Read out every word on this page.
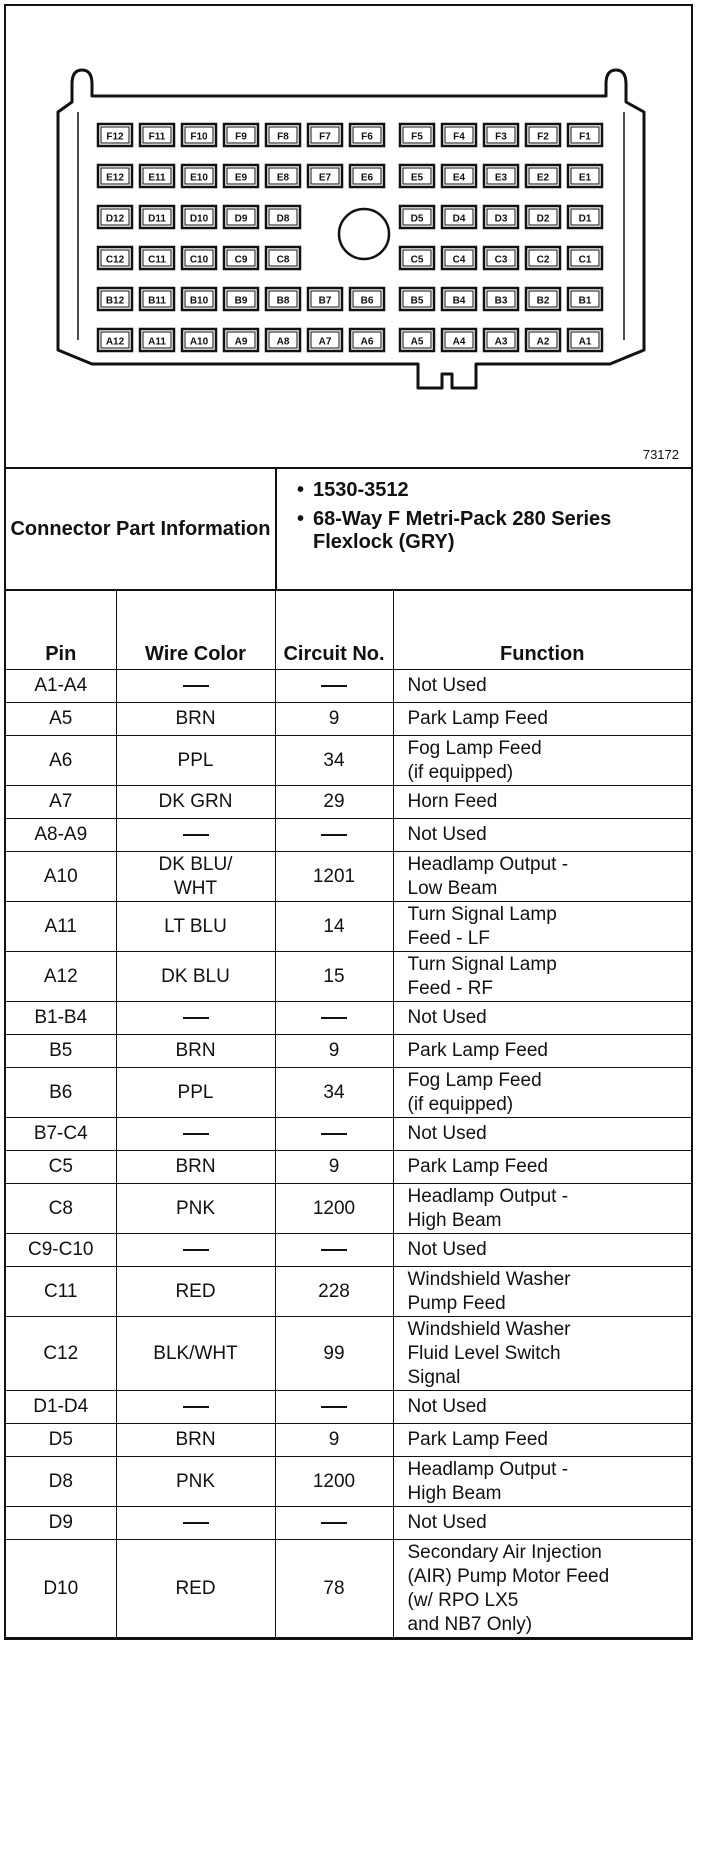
F12	F11	F10	F9	F8	F7	F6	F5	F4	F3	F2	F1
E12 E11 E10	E9	E8	E7	E6	E5	E4	E3	E2	E1
D12 D11 D10	D9	D8	D5	D4	D3	D2	D1
C12 C11 C10	C9	C8	C5	C4	C3	C2	C1
B12 B11 B10	B9	B8	B7	B6	B5	B4	B3	B2	B1
A12 A11 A10	A9	A8	A7	A6	A5	A4	A3	A2	A1
73172
Connector Part Information
• 1530-3512
• 68-Way F Metri-Pack 280 Series Flexlock (GRY)
Pin	Wire Color	Circuit No.	Function
A1-A4			Not Used
A5	BRN	9	Park Lamp Feed
A6	PPL	34	Fog Lamp Feed
(if equipped)
A7	DK GRN	29	Horn Feed
A8-A9			Not Used
A10	DK BLU/
WHT	1201	Headlamp Output -
Low Beam
A11	LT BLU	14	Turn Signal Lamp
Feed - LF
A12	DK BLU	15	Turn Signal Lamp
Feed - RF
B1-B4			Not Used
B5	BRN	9	Park Lamp Feed
B6	PPL	34	Fog Lamp Feed
(if equipped)
B7-C4			Not Used
C5	BRN	9	Park Lamp Feed
C8	PNK	1200	Headlamp Output -
High Beam
C9-C10			Not Used
C11	RED	228	Windshield Washer
Pump Feed
C12	BLK/WHT	99	Windshield Washer
Fluid Level Switch
Signal
D1-D4			Not Used
D5	BRN	9	Park Lamp Feed
D8	PNK	1200	Headlamp Output -
High Beam
D9			Not Used
D10	RED	78	Secondary Air Injection
(AIR) Pump Motor Feed
(w/ RPO LX5
and NB7 Only)
